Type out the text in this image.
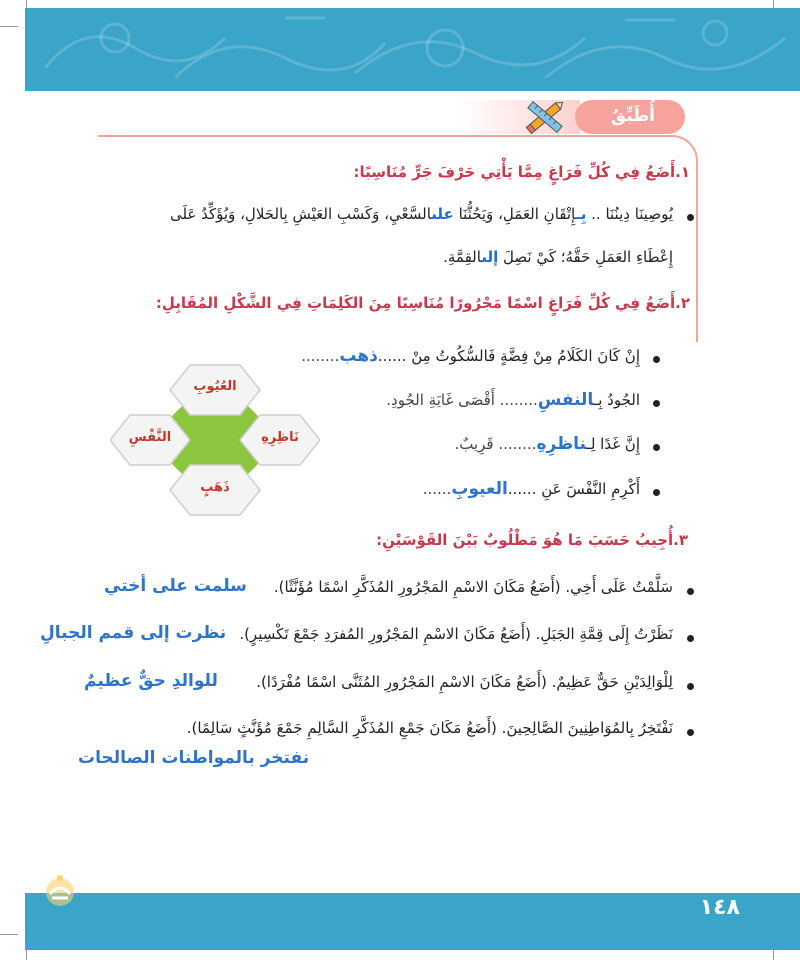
أُطَبِّقُ
١.أَضَعُ فِي كُلِّ فَرَاغٍ مِمَّا يَأْتِي حَرْفَ جَرٍّ مُنَاسِبًا:
يُوصِينَا دِينُنَا .. بِـإِتْقَانِ العَمَلِ، وَيَحُثُّنَا علىالسَّعْيِ، وَكَسْبِ العَيْشِ بِالحَلالِ، وَيُؤَكِّدُ عَلَى
إِعْطَاءِ العَمَلِ حَقَّهُ؛ كَيْ نَصِلَ إلىالقِمَّةِ.
٢.أَضَعُ فِي كُلِّ فَرَاغٍ اسْمًا مَجْرُورًا مُنَاسِبًا مِنَ الكَلِمَاتِ فِي الشَّكْلِ المُقَابِلِ:
إِنْ كَانَ الكَلَامُ مِنْ فِضَّةٍ فَالسُّكُوتُ مِنْ ......ذهب........
الجُودُ بِـالنفسِ........ أَقْصَى غَايَةِ الجُودِ.
إِنَّ غَدًا لِـناظرِهِ........ قَرِيبٌ.
أَكْرِمِ النَّفْسَ عَنِ ......العيوبِ......
العُيُوبِ
النَّفْسِ	نَاظِرِهِ
ذَهَبٍ
٣.أُجِيبُ حَسَبَ مَا هُوَ مَطْلُوبٌ بَيْنَ القَوْسَيْنِ:
سَلَّمْتُ عَلَى أَخِي. (أَضَعُ مَكَانَ الاسْمِ المَجْرُورِ المُذَكَّرِ اسْمًا مُؤَنَّثًا).
سلمت على أختي
نَظَرْتُ إِلَى قِمَّةِ الجَبَلِ. (أَضَعُ مَكَانَ الاسْمِ المَجْرُورِ المُفرَدِ جَمْعَ تَكْسِيرٍ).
نظرت إلى قمم الجبالِ
لِلْوَالِدَيْنِ حَقٌّ عَظِيمٌ. (أَضَعُ مَكَانَ الاسْمِ المَجْرُورِ المُثَنَّى اسْمًا مُفْرَدًا).
للوالدِ حقٌّ عظيمٌ
نَفْتَخِرُ بِالمُوَاطِنِينَ الصَّالِحِينَ. (أَضَعُ مَكَانَ جَمْعِ المُذَكَّرِ السَّالِمِ جَمْعَ مُؤَنَّثٍ سَالِمًا).
نفتخر بالمواطنات الصالحات
١٤٨
